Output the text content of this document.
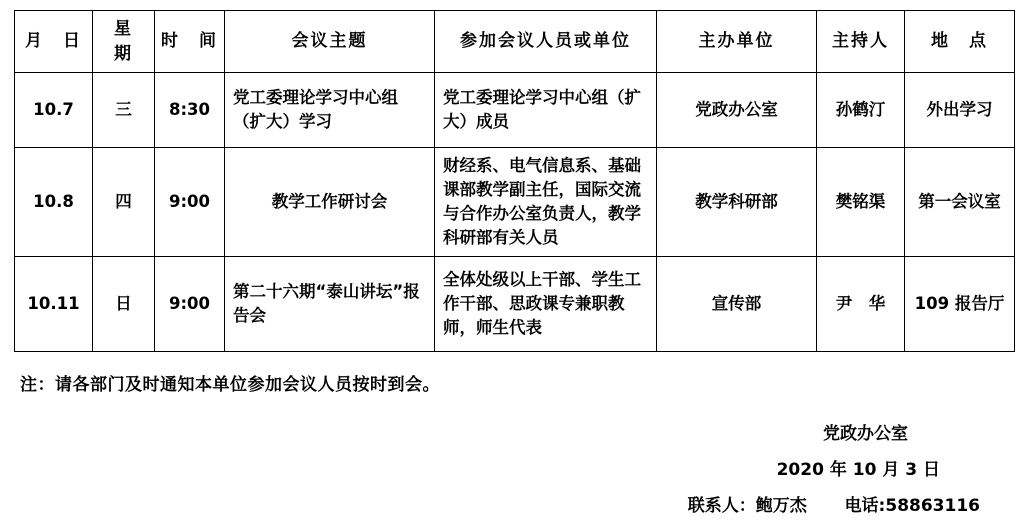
月　日	星　期	时　间	会议主题	参加会议人员或单位	主办单位	主持人	地　点
10.7	三	8:30	党工委理论学习中心组（扩大）学习	党工委理论学习中心组（扩大）成员	党政办公室	孙鹤汀	外出学习
10.8	四	9:00	教学工作研讨会	财经系、电气信息系、基础课部教学副主任，国际交流与合作办公室负责人，教学科研部有关人员	教学科研部	樊铭渠	第一会议室
10.11	日	9:00	第二十六期“泰山讲坛”报告会	全体处级以上干部、学生工作干部、思政课专兼职教师，师生代表	宣传部	尹　华	109 报告厅
注：请各部门及时通知本单位参加会议人员按时到会。
党政办公室
2020 年 10 月 3 日
联系人：鲍万杰 电话:58863116
